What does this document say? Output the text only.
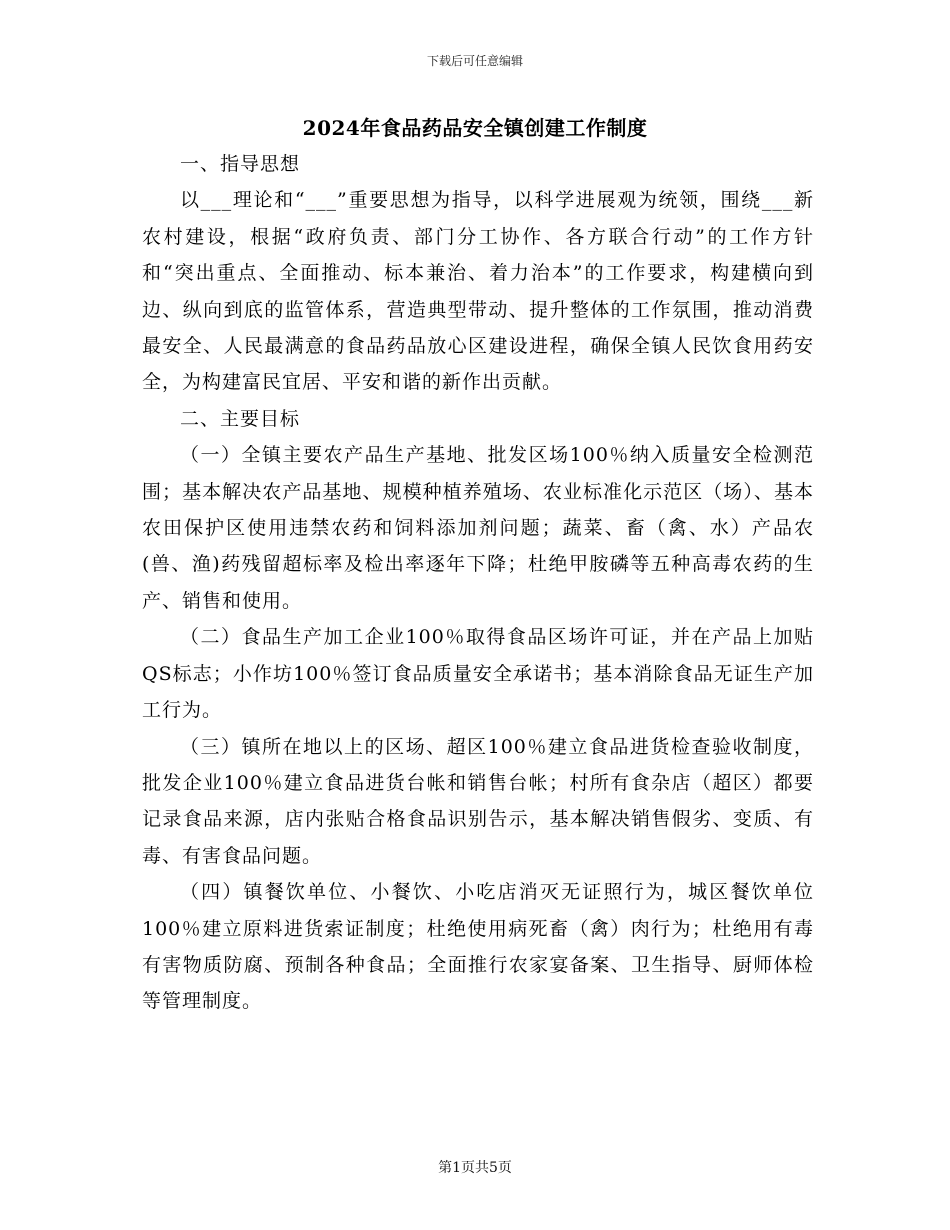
下载后可任意编辑
2024年食品药品安全镇创建工作制度

一、指导思想

以___理论和“___”重要思想为指导，以科学进展观为统领，围绕___新农村建设，根据“政府负责、部门分工协作、各方联合行动”的工作方针和“突出重点、全面推动、标本兼治、着力治本”的工作要求，构建横向到边、纵向到底的监管体系，营造典型带动、提升整体的工作氛围，推动消费最安全、人民最满意的食品药品放心区建设进程，确保全镇人民饮食用药安全，为构建富民宜居、平安和谐的新作出贡献。

二、主要目标

（一）全镇主要农产品生产基地、批发区场100％纳入质量安全检测范围；基本解决农产品基地、规模种植养殖场、农业标准化示范区（场）、基本农田保护区使用违禁农药和饲料添加剂问题；蔬菜、畜（禽、水）产品农(兽、渔)药残留超标率及检出率逐年下降；杜绝甲胺磷等五种高毒农药的生产、销售和使用。

（二）食品生产加工企业100％取得食品区场许可证，并在产品上加贴QS标志；小作坊100％签订食品质量安全承诺书；基本消除食品无证生产加工行为。

（三）镇所在地以上的区场、超区100％建立食品进货检查验收制度，批发企业100％建立食品进货台帐和销售台帐；村所有食杂店（超区）都要记录食品来源，店内张贴合格食品识别告示，基本解决销售假劣、变质、有毒、有害食品问题。

（四）镇餐饮单位、小餐饮、小吃店消灭无证照行为，城区餐饮单位100％建立原料进货索证制度；杜绝使用病死畜（禽）肉行为；杜绝用有毒有害物质防腐、预制各种食品；全面推行农家宴备案、卫生指导、厨师体检等管理制度。

第1页共5页
